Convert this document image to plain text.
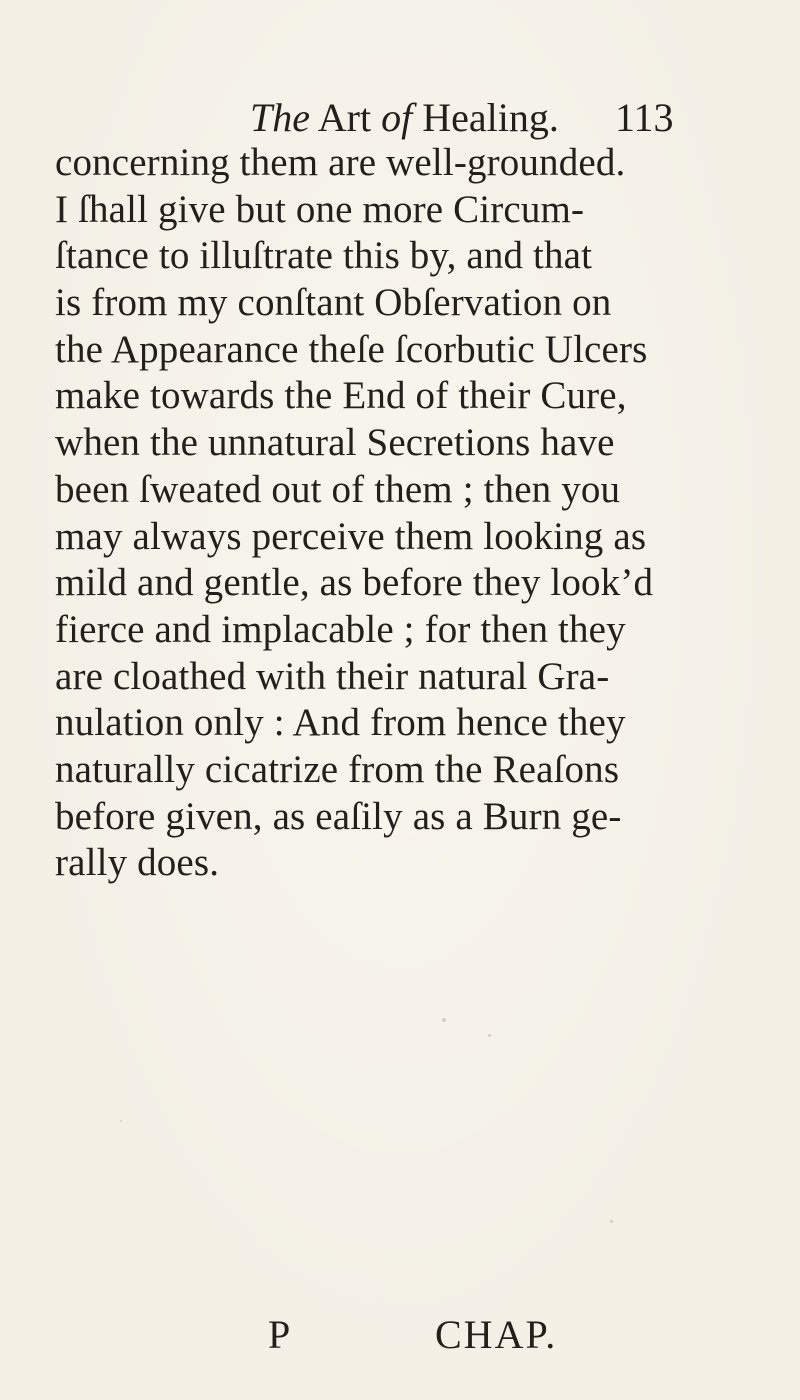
The Art of Healing. 113
concerning them are well-grounded.
I ſhall give but one more Circum-
ſtance to illuſtrate this by, and that
is from my conſtant Obſervation on
the Appearance theſe ſcorbutic Ulcers
make towards the End of their Cure,
when the unnatural Secretions have
been ſweated out of them ; then you
may always perceive them looking as
mild and gentle, as before they look’d
fierce and implacable ; for then they
are cloathed with their natural Gra-
nulation only : And from hence they
naturally cicatrize from the Reaſons
before given, as eaſily as a Burn ge-
rally does.
P	CHAP.
